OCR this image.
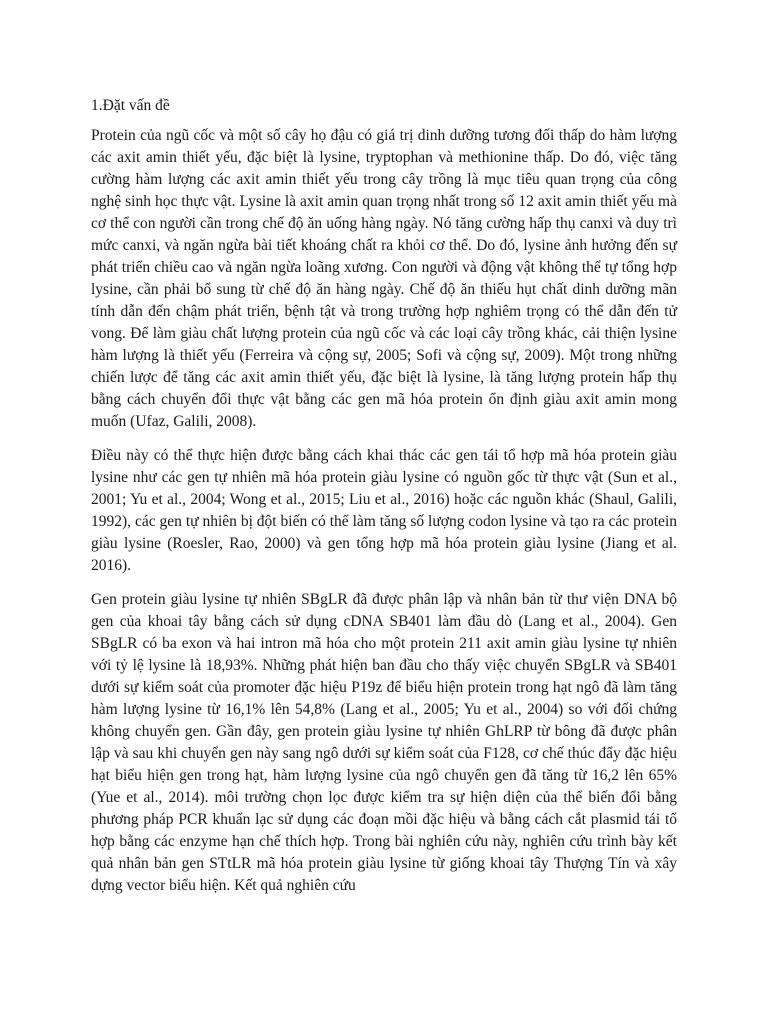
1.Đặt vấn đề

Protein của ngũ cốc và một số cây họ đậu có giá trị dinh dưỡng tương đối thấp do hàm lượng các axit amin thiết yếu, đặc biệt là lysine, tryptophan và methionine thấp. Do đó, việc tăng cường hàm lượng các axit amin thiết yếu trong cây trồng là mục tiêu quan trọng của công nghệ sinh học thực vật. Lysine là axit amin quan trọng nhất trong số 12 axit amin thiết yếu mà cơ thể con người cần trong chế độ ăn uống hàng ngày. Nó tăng cường hấp thụ canxi và duy trì mức canxi, và ngăn ngừa bài tiết khoáng chất ra khỏi cơ thể. Do đó, lysine ảnh hưởng đến sự phát triển chiều cao và ngăn ngừa loãng xương. Con người và động vật không thể tự tổng hợp lysine, cần phải bổ sung từ chế độ ăn hàng ngày. Chế độ ăn thiếu hụt chất dinh dưỡng mãn tính dẫn đến chậm phát triển, bệnh tật và trong trường hợp nghiêm trọng có thể dẫn đến tử vong. Để làm giàu chất lượng protein của ngũ cốc và các loại cây trồng khác, cải thiện lysine hàm lượng là thiết yếu (Ferreira và cộng sự, 2005; Sofi và cộng sự, 2009). Một trong những chiến lược để tăng các axit amin thiết yếu, đặc biệt là lysine, là tăng lượng protein hấp thụ bằng cách chuyển đổi thực vật bằng các gen mã hóa protein ổn định giàu axit amin mong muốn (Ufaz, Galili, 2008).

Điều này có thể thực hiện được bằng cách khai thác các gen tái tổ hợp mã hóa protein giàu lysine như các gen tự nhiên mã hóa protein giàu lysine có nguồn gốc từ thực vật (Sun et al., 2001; Yu et al., 2004; Wong et al., 2015; Liu et al., 2016) hoặc các nguồn khác (Shaul, Galili, 1992), các gen tự nhiên bị đột biến có thể làm tăng số lượng codon lysine và tạo ra các protein giàu lysine (Roesler, Rao, 2000) và gen tổng hợp mã hóa protein giàu lysine (Jiang et al. 2016).

Gen protein giàu lysine tự nhiên SBgLR đã được phân lập và nhân bản từ thư viện DNA bộ gen của khoai tây bằng cách sử dụng cDNA SB401 làm đầu dò (Lang et al., 2004). Gen SBgLR có ba exon và hai intron mã hóa cho một protein 211 axit amin giàu lysine tự nhiên với tỷ lệ lysine là 18,93%. Những phát hiện ban đầu cho thấy việc chuyển SBgLR và SB401 dưới sự kiểm soát của promoter đặc hiệu P19z để biểu hiện protein trong hạt ngô đã làm tăng hàm lượng lysine từ 16,1% lên 54,8% (Lang et al., 2005; Yu et al., 2004) so với đối chứng không chuyển gen. Gần đây, gen protein giàu lysine tự nhiên GhLRP từ bông đã được phân lập và sau khi chuyển gen này sang ngô dưới sự kiểm soát của F128, cơ chế thúc đẩy đặc hiệu hạt biểu hiện gen trong hạt, hàm lượng lysine của ngô chuyển gen đã tăng từ 16,2 lên 65% (Yue et al., 2014). môi trường chọn lọc được kiểm tra sự hiện diện của thể biến đổi bằng phương pháp PCR khuẩn lạc sử dụng các đoạn mồi đặc hiệu và bằng cách cắt plasmid tái tổ hợp bằng các enzyme hạn chế thích hợp. Trong bài nghiên cứu này, nghiên cứu trình bày kết quả nhân bản gen STtLR mã hóa protein giàu lysine từ giống khoai tây Thượng Tín và xây dựng vector biểu hiện. Kết quả nghiên cứu
